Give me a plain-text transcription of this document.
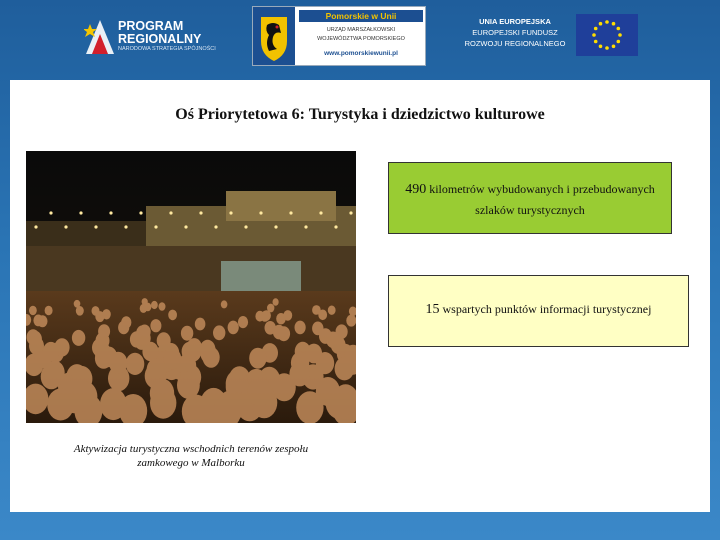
PROGRAM
REGIONALNY
NARODOWA STRATEGIA SPÓJNOŚCI
Pomorskie w Unii
URZĄD MARSZAŁKOWSKI
WOJEWÓDZTWA POMORSKIEGO
www.pomorskiewunii.pl
UNIA EUROPEJSKA
EUROPEJSKI FUNDUSZ
ROZWOJU REGIONALNEGO
Oś Priorytetowa 6: Turystyka i dziedzictwo kulturowe
Aktywizacja turystyczna wschodnich terenów zespołu zamkowego w Malborku
490 kilometrów wybudowanych i przebudowanych szlaków turystycznych
15 wspartych punktów informacji turystycznej
